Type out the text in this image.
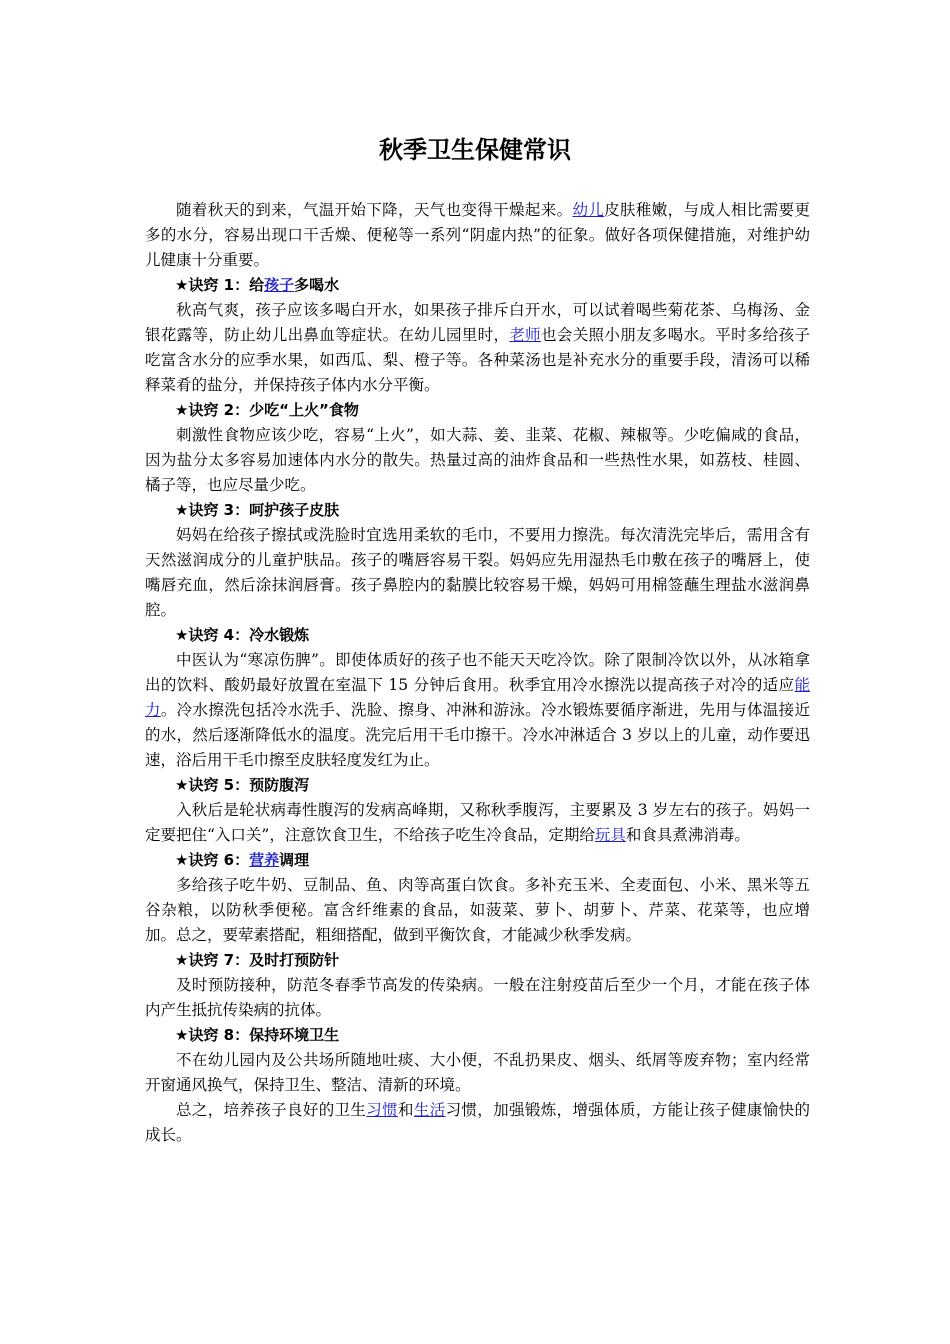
秋季卫生保健常识

随着秋天的到来，气温开始下降，天气也变得干燥起来。幼儿皮肤稚嫩，与成人相比需要更多的水分，容易出现口干舌燥、便秘等一系列“阴虚内热”的征象。做好各项保健措施，对维护幼儿健康十分重要。

★诀窍 1：给孩子多喝水

秋高气爽，孩子应该多喝白开水，如果孩子排斥白开水，可以试着喝些菊花茶、乌梅汤、金银花露等，防止幼儿出鼻血等症状。在幼儿园里时，老师也会关照小朋友多喝水。平时多给孩子吃富含水分的应季水果，如西瓜、梨、橙子等。各种菜汤也是补充水分的重要手段，清汤可以稀释菜肴的盐分，并保持孩子体内水分平衡。

★诀窍 2：少吃“上火”食物

刺激性食物应该少吃，容易“上火”，如大蒜、姜、韭菜、花椒、辣椒等。少吃偏咸的食品，因为盐分太多容易加速体内水分的散失。热量过高的油炸食品和一些热性水果，如荔枝、桂圆、橘子等，也应尽量少吃。

★诀窍 3：呵护孩子皮肤

妈妈在给孩子擦拭或洗脸时宜选用柔软的毛巾，不要用力擦洗。每次清洗完毕后，需用含有天然滋润成分的儿童护肤品。孩子的嘴唇容易干裂。妈妈应先用湿热毛巾敷在孩子的嘴唇上，使嘴唇充血，然后涂抹润唇膏。孩子鼻腔内的黏膜比较容易干燥，妈妈可用棉签蘸生理盐水滋润鼻腔。

★诀窍 4：冷水锻炼

中医认为“寒凉伤脾”。即使体质好的孩子也不能天天吃冷饮。除了限制冷饮以外，从冰箱拿出的饮料、酸奶最好放置在室温下 15 分钟后食用。秋季宜用冷水擦洗以提高孩子对冷的适应能力。冷水擦洗包括冷水洗手、洗脸、擦身、冲淋和游泳。冷水锻炼要循序渐进，先用与体温接近的水，然后逐渐降低水的温度。洗完后用干毛巾擦干。冷水冲淋适合 3 岁以上的儿童，动作要迅速，浴后用干毛巾擦至皮肤轻度发红为止。

★诀窍 5：预防腹泻

入秋后是轮状病毒性腹泻的发病高峰期，又称秋季腹泻，主要累及 3 岁左右的孩子。妈妈一定要把住“入口关”，注意饮食卫生，不给孩子吃生冷食品，定期给玩具和食具煮沸消毒。

★诀窍 6：营养调理

多给孩子吃牛奶、豆制品、鱼、肉等高蛋白饮食。多补充玉米、全麦面包、小米、黑米等五谷杂粮，以防秋季便秘。富含纤维素的食品，如菠菜、萝卜、胡萝卜、芹菜、花菜等，也应增加。总之，要荤素搭配，粗细搭配，做到平衡饮食，才能减少秋季发病。

★诀窍 7：及时打预防针

及时预防接种，防范冬春季节高发的传染病。一般在注射疫苗后至少一个月，才能在孩子体内产生抵抗传染病的抗体。

★诀窍 8：保持环境卫生

不在幼儿园内及公共场所随地吐痰、大小便，不乱扔果皮、烟头、纸屑等废弃物；室内经常开窗通风换气，保持卫生、整洁、清新的环境。

总之，培养孩子良好的卫生习惯和生活习惯，加强锻炼，增强体质，方能让孩子健康愉快的成长。
